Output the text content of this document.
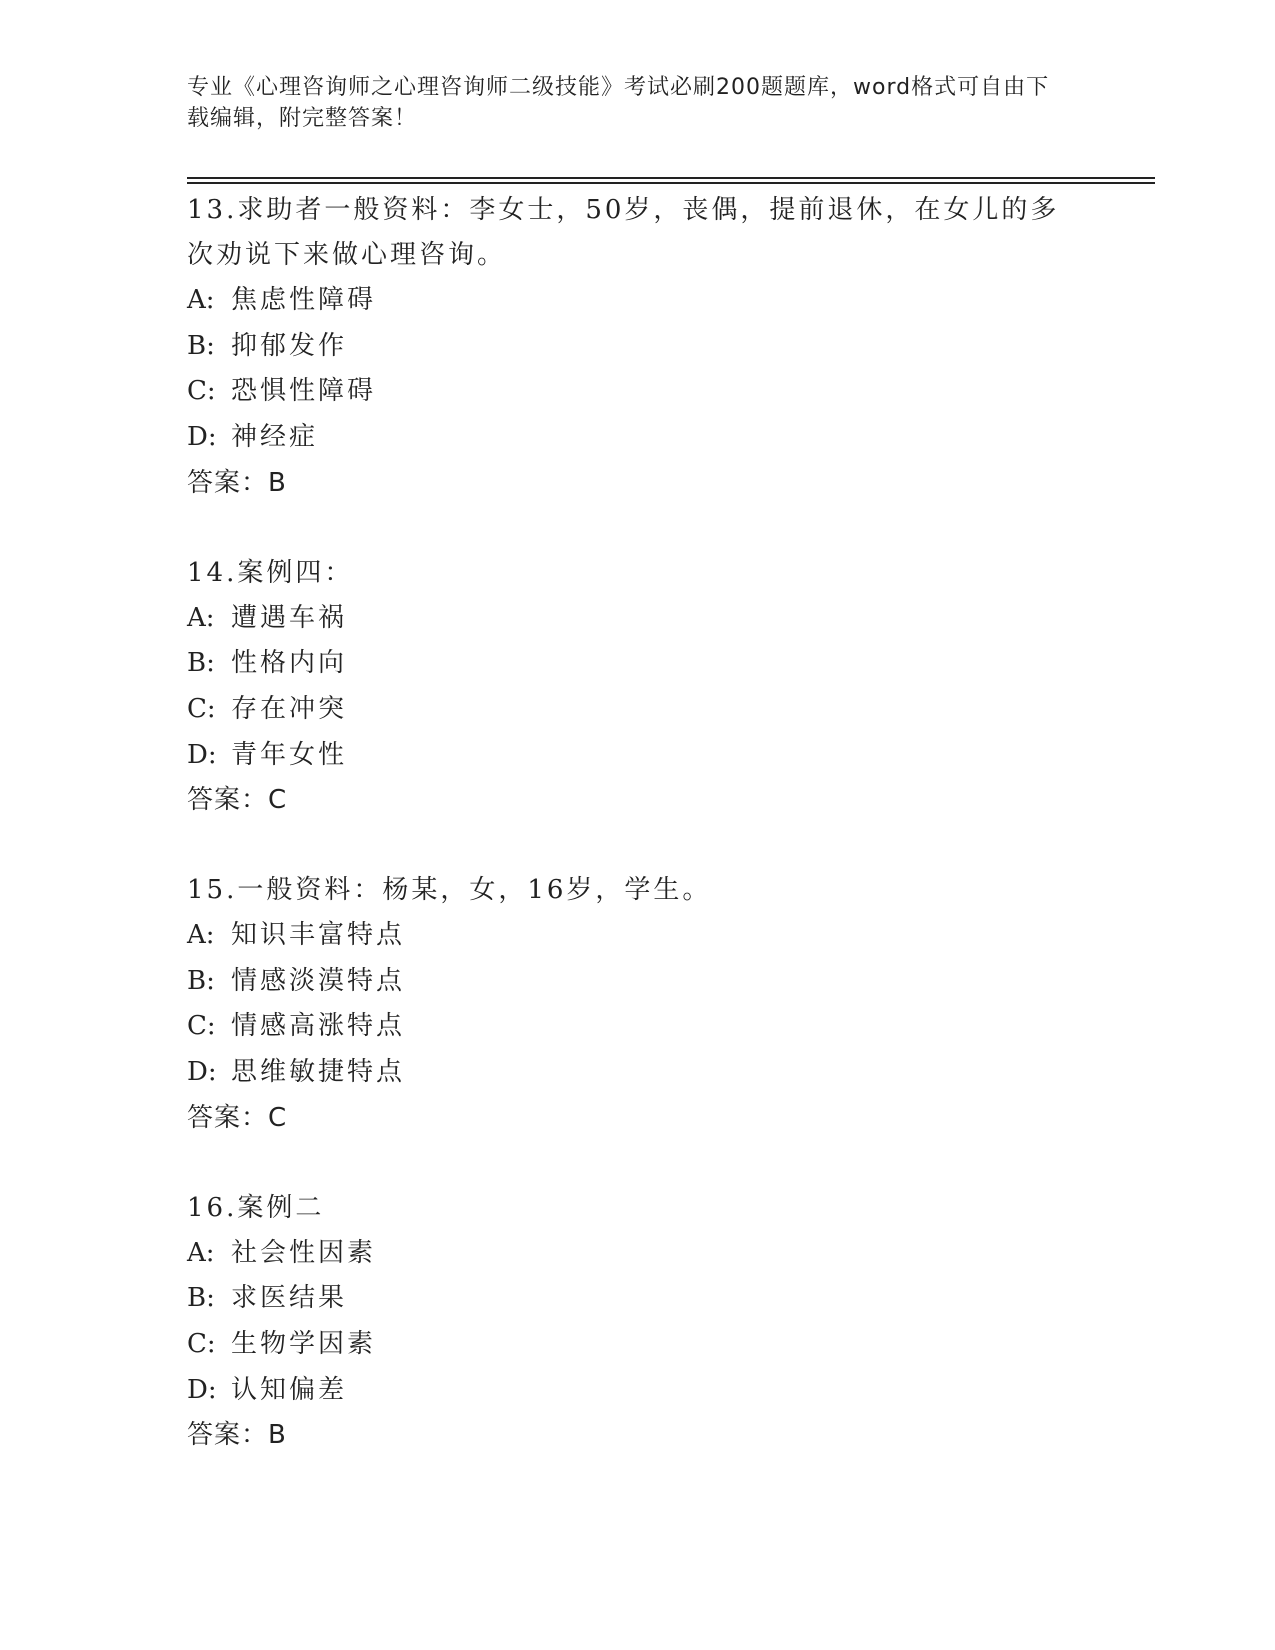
专业《心理咨询师之心理咨询师二级技能》考试必刷200题题库，word格式可自由下载编辑，附完整答案！

13.求助者一般资料：李女士，50岁，丧偶，提前退休，在女儿的多次劝说下来做心理咨询。

A: 焦虑性障碍

B: 抑郁发作

C: 恐惧性障碍

D: 神经症

答案：B

14.案例四：

A: 遭遇车祸

B: 性格内向

C: 存在冲突

D: 青年女性

答案：C

15.一般资料：杨某，女，16岁，学生。

A: 知识丰富特点

B: 情感淡漠特点

C: 情感高涨特点

D: 思维敏捷特点

答案：C

16.案例二

A: 社会性因素

B: 求医结果

C: 生物学因素

D: 认知偏差

答案：B
